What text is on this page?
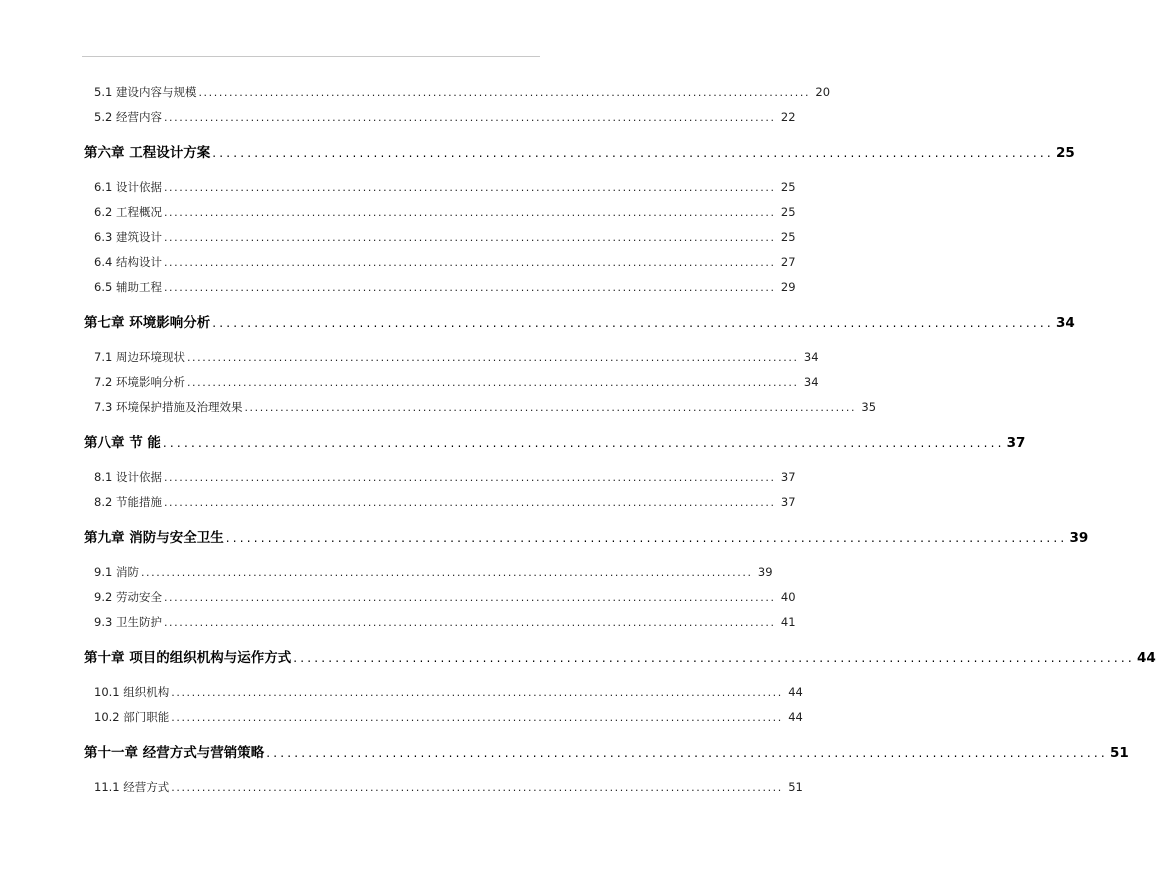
5.1 建设内容与规模 ........................................................................................................................ 20
5.2 经营内容 ........................................................................................................................ 22
第六章 工程设计方案 ........................................................................................................................ 25
6.1 设计依据 ........................................................................................................................ 25
6.2 工程概况 ........................................................................................................................ 25
6.3 建筑设计 ........................................................................................................................ 25
6.4 结构设计 ........................................................................................................................ 27
6.5 辅助工程 ........................................................................................................................ 29
第七章 环境影响分析 ........................................................................................................................ 34
7.1 周边环境现状 ........................................................................................................................ 34
7.2 环境影响分析 ........................................................................................................................ 34
7.3 环境保护措施及治理效果 ........................................................................................................................ 35
第八章 节 能 ........................................................................................................................ 37
8.1 设计依据 ........................................................................................................................ 37
8.2 节能措施 ........................................................................................................................ 37
第九章 消防与安全卫生 ........................................................................................................................ 39
9.1 消防 ........................................................................................................................ 39
9.2 劳动安全 ........................................................................................................................ 40
9.3 卫生防护 ........................................................................................................................ 41
第十章 项目的组织机构与运作方式 ........................................................................................................................ 44
10.1 组织机构 ........................................................................................................................ 44
10.2 部门职能 ........................................................................................................................ 44
第十一章 经营方式与营销策略 ........................................................................................................................ 51
11.1 经营方式 ........................................................................................................................ 51
